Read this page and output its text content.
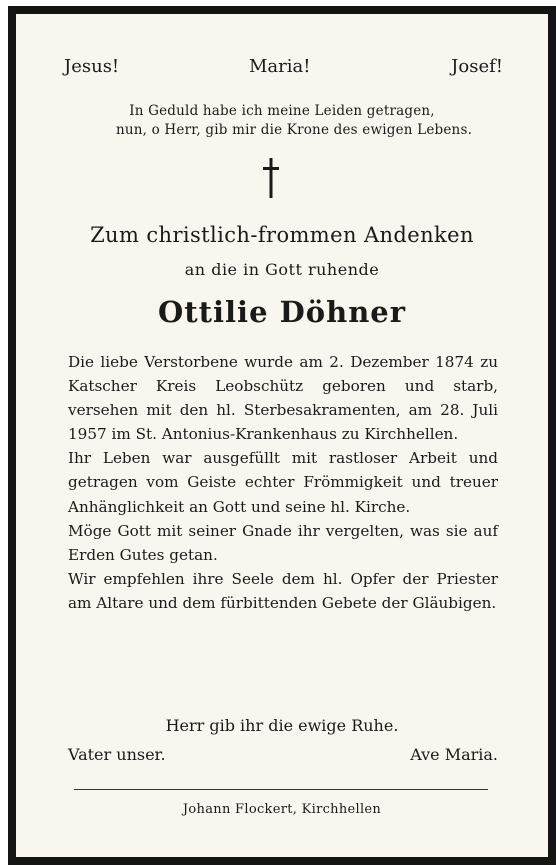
Jesus!	Maria!	Josef!
In Geduld habe ich meine Leiden getragen,
nun, o Herr, gib mir die Krone des ewigen Lebens.
Zum christlich-frommen Andenken
an die in Gott ruhende
Ottilie Döhner

Die liebe Verstorbene wurde am 2. Dezember 1874 zu Katscher Kreis Leobschütz geboren und starb, versehen mit den hl. Sterbesakramenten, am 28. Juli 1957 im St. Antonius-Krankenhaus zu Kirchhellen.

Ihr Leben war ausgefüllt mit rastloser Arbeit und getragen vom Geiste echter Frömmigkeit und treuer Anhänglichkeit an Gott und seine hl. Kirche.

Möge Gott mit seiner Gnade ihr vergelten, was sie auf Erden Gutes getan.

Wir empfehlen ihre Seele dem hl. Opfer der Priester am Altare und dem fürbittenden Gebete der Gläubigen.

Herr gib ihr die ewige Ruhe.
Vater unser.	Ave Maria.
Johann Flockert, Kirchhellen
